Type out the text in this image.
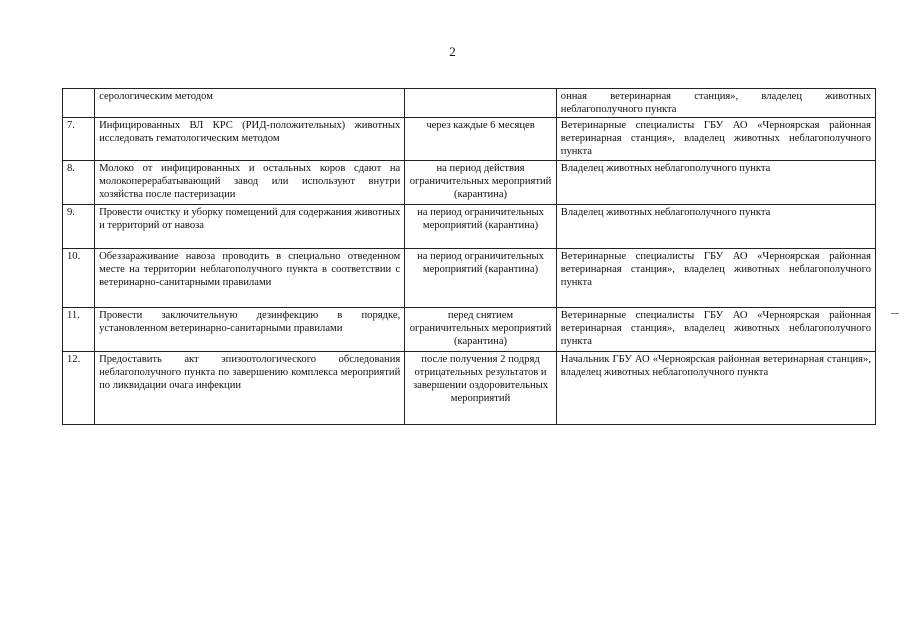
2
	серологическим методом		онная ветеринарная станция», владелец животных неблагополучного пункта
7.	Инфицированных ВЛ КРС (РИД-положительных) животных исследовать гематологическим методом	через каждые 6 месяцев	Ветеринарные специалисты ГБУ АО «Черноярская районная ветеринарная станция», владелец животных неблагополучного пункта
8.	Молоко от инфицированных и остальных коров сдают на молокоперерабатывающий завод или используют внутри хозяйства после пастеризации	на период действия ограничительных мероприятий (карантина)	Владелец животных неблагополучного пункта
9.	Провести очистку и уборку помещений для содержания животных и территорий от навоза	на период ограничительных мероприятий (карантина)	Владелец животных неблагополучного пункта
10.	Обеззараживание навоза проводить в специально отведенном месте на территории неблагополучного пункта в соответствии с ветеринарно-санитарными правилами	на период ограничительных мероприятий (карантина)	Ветеринарные специалисты ГБУ АО «Черноярская районная ветеринарная станция», владелец животных неблагополучного пункта
11.	Провести заключительную дезинфекцию в порядке, установленном ветеринарно-санитарными правилами	перед снятием ограничительных мероприятий (карантина)	Ветеринарные специалисты ГБУ АО «Черноярская районная ветеринарная станция», владелец животных неблагополучного пункта
12.	Предоставить акт эпизоотологического обследования неблагополучного пункта по завершению комплекса мероприятий по ликвидации очага инфекции	после получения 2 подряд отрицательных результатов и завершении оздоровительных мероприятий	Начальник ГБУ АО «Черноярская районная ветеринарная станция», владелец животных неблагополучного пункта
